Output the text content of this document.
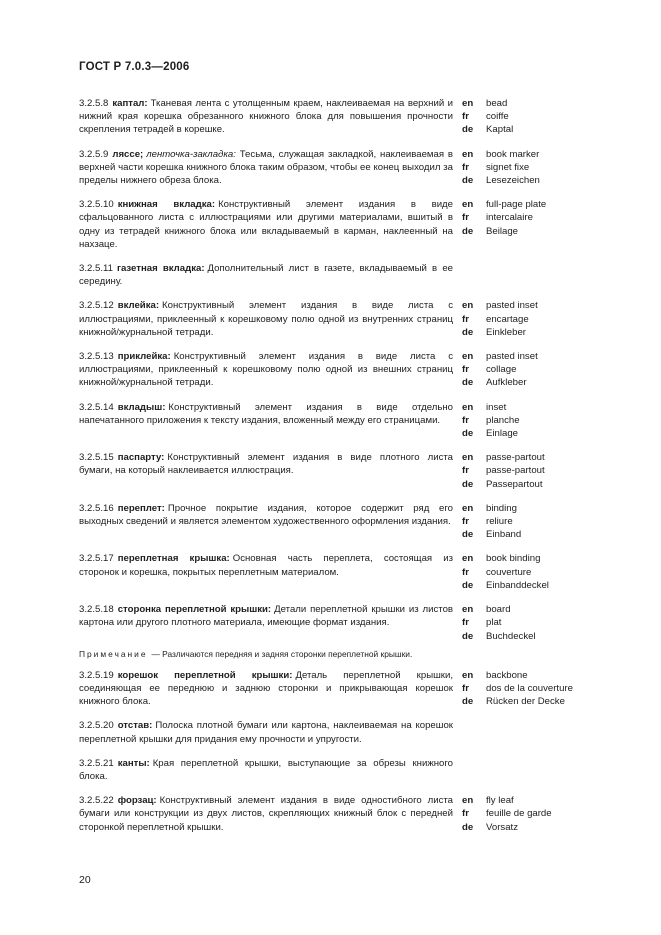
ГОСТ Р 7.0.3—2006
3.2.5.8 каптал: Тканевая лента с утолщенным краем, наклеиваемая на верхний и нижний края корешка обрезанного книжного блока для повышения прочности скрепления тетрадей в корешке.
en	bead
fr	coiffe
de	Kaptal
3.2.5.9 ляссе; ленточка-закладка: Тесьма, служащая закладкой, наклеиваемая в верхней части корешка книжного блока таким образом, чтобы ее конец выходил за пределы нижнего обреза блока.
en	book marker
fr	signet fixe
de	Lesezeichen
3.2.5.10 книжная вкладка: Конструктивный элемент издания в виде сфальцованного листа с иллюстрациями или другими материалами, вшитый в одну из тетрадей книжного блока или вкладываемый в карман, наклеенный на нахзаце.
en	full-page plate
fr	intercalaire
de	Beilage
3.2.5.11 газетная вкладка: Дополнительный лист в газете, вкладываемый в ее середину.
3.2.5.12 вклейка: Конструктивный элемент издания в виде листа с иллюстрациями, приклеенный к корешковому полю одной из внутренних страниц книжной/журнальной тетради.
en	pasted inset
fr	encartage
de	Einkleber
3.2.5.13 приклейка: Конструктивный элемент издания в виде листа с иллюстрациями, приклеенный к корешковому полю одной из внешних страниц книжной/журнальной тетради.
en	pasted inset
fr	collage
de	Aufkleber
3.2.5.14 вкладыш: Конструктивный элемент издания в виде отдельно напечатанного приложения к тексту издания, вложенный между его страницами.
en	inset
fr	planche
de	Einlage
3.2.5.15 паспарту: Конструктивный элемент издания в виде плотного листа бумаги, на который наклеивается иллюстрация.
en	passe-partout
fr	passe-partout
de	Passepartout
3.2.5.16 переплет: Прочное покрытие издания, которое содержит ряд его выходных сведений и является элементом художественного оформления издания.
en	binding
fr	reliure
de	Einband
3.2.5.17 переплетная крышка: Основная часть переплета, состоящая из сторонок и корешка, покрытых переплетным материалом.
en	book binding
fr	couverture
de	Einbanddeckel
3.2.5.18 сторонка переплетной крышки: Детали переплетной крышки из листов картона или другого плотного материала, имеющие формат издания.
en	board
fr	plat
de	Buchdeckel
Примечание — Различаются передняя и задняя сторонки переплетной крышки.
3.2.5.19 корешок переплетной крышки: Деталь переплетной крышки, соединяющая ее переднюю и заднюю сторонки и прикрывающая корешок книжного блока.
en	backbone
fr	dos de la couverture
de	Rücken der Decke
3.2.5.20 отстав: Полоска плотной бумаги или картона, наклеиваемая на корешок переплетной крышки для придания ему прочности и упругости.
3.2.5.21 канты: Края переплетной крышки, выступающие за обрезы книжного блока.
3.2.5.22 форзац: Конструктивный элемент издания в виде одностибного листа бумаги или конструкции из двух листов, скрепляющих книжный блок с передней сторонкой переплетной крышки.
en	fly leaf
fr	feuille de garde
de	Vorsatz
20
